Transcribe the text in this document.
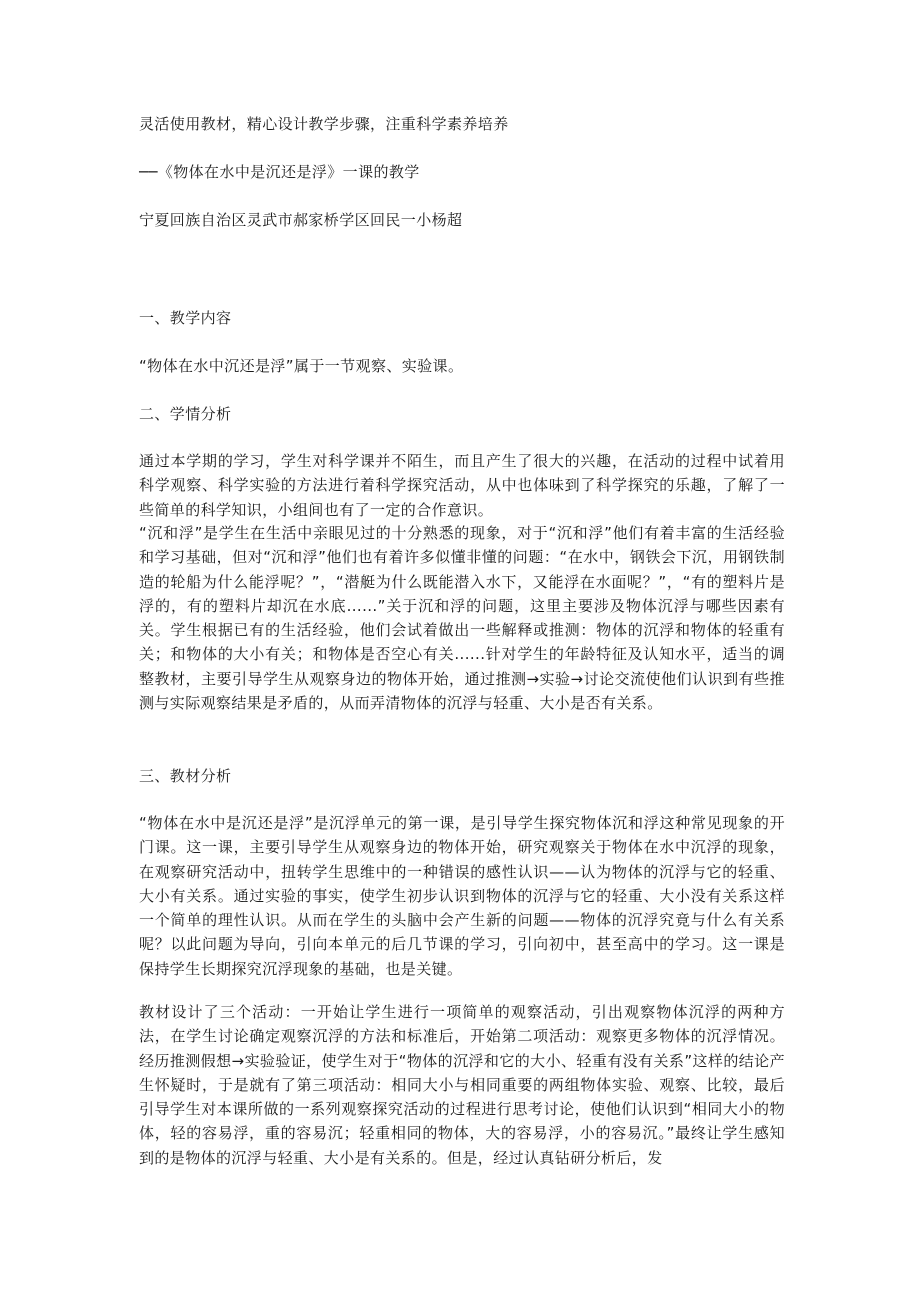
灵活使用教材，精心设计教学步骤，注重科学素养培养
──《物体在水中是沉还是浮》一课的教学
宁夏回族自治区灵武市郝家桥学区回民一小杨超
一、教学内容
“物体在水中沉还是浮”属于一节观察、实验课。
二、学情分析
通过本学期的学习，学生对科学课并不陌生，而且产生了很大的兴趣，在活动的过程中试着用科学观察、科学实验的方法进行着科学探究活动，从中也体味到了科学探究的乐趣，了解了一些简单的科学知识，小组间也有了一定的合作意识。
“沉和浮”是学生在生活中亲眼见过的十分熟悉的现象，对于“沉和浮”他们有着丰富的生活经验和学习基础，但对“沉和浮”他们也有着许多似懂非懂的问题：“在水中，钢铁会下沉，用钢铁制造的轮船为什么能浮呢？”，“潜艇为什么既能潜入水下，又能浮在水面呢？”，“有的塑料片是浮的，有的塑料片却沉在水底......”关于沉和浮的问题，这里主要涉及物体沉浮与哪些因素有关。学生根据已有的生活经验，他们会试着做出一些解释或推测：物体的沉浮和物体的轻重有关；和物体的大小有关；和物体是否空心有关......针对学生的年龄特征及认知水平，适当的调整教材，主要引导学生从观察身边的物体开始，通过推测→实验→讨论交流使他们认识到有些推测与实际观察结果是矛盾的，从而弄清物体的沉浮与轻重、大小是否有关系。
三、教材分析
“物体在水中是沉还是浮”是沉浮单元的第一课，是引导学生探究物体沉和浮这种常见现象的开门课。这一课，主要引导学生从观察身边的物体开始，研究观察关于物体在水中沉浮的现象，在观察研究活动中，扭转学生思维中的一种错误的感性认识——认为物体的沉浮与它的轻重、大小有关系。通过实验的事实，使学生初步认识到物体的沉浮与它的轻重、大小没有关系这样一个简单的理性认识。从而在学生的头脑中会产生新的问题——物体的沉浮究竟与什么有关系呢？以此问题为导向，引向本单元的后几节课的学习，引向初中，甚至高中的学习。这一课是保持学生长期探究沉浮现象的基础，也是关键。
教材设计了三个活动：一开始让学生进行一项简单的观察活动，引出观察物体沉浮的两种方法，在学生讨论确定观察沉浮的方法和标准后，开始第二项活动：观察更多物体的沉浮情况。经历推测假想→实验验证，使学生对于“物体的沉浮和它的大小、轻重有没有关系”这样的结论产生怀疑时，于是就有了第三项活动：相同大小与相同重要的两组物体实验、观察、比较，最后引导学生对本课所做的一系列观察探究活动的过程进行思考讨论，使他们认识到“相同大小的物体，轻的容易浮，重的容易沉；轻重相同的物体，大的容易浮，小的容易沉。”最终让学生感知到的是物体的沉浮与轻重、大小是有关系的。但是，经过认真钻研分析后，发
